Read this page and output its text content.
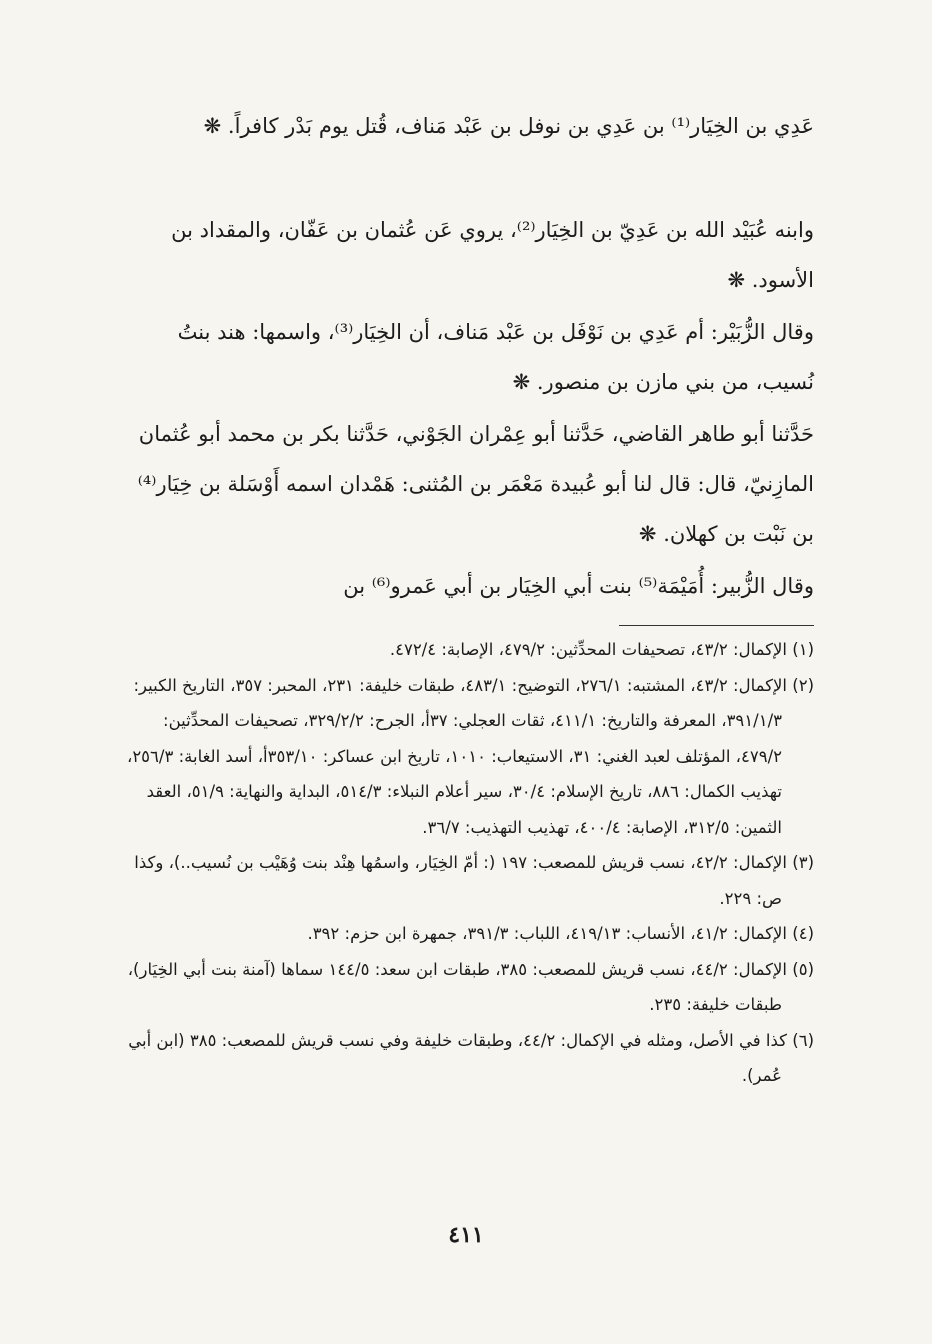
عَدِي بن الخِيَار⁽¹⁾ بن عَدِي بن نوفل بن عَبْد مَناف، قُتل يوم بَدْر كافراً. ❋

وابنه عُبَيْد الله بن عَدِيّ بن الخِيَار⁽²⁾، يروي عَن عُثمان بن عَفّان، والمقداد بن الأسود. ❋

وقال الزُّبَيْر: أم عَدِي بن نَوْفَل بن عَبْد مَناف، أن الخِيَار⁽³⁾، واسمها: هند بنتُ نُسيب، من بني مازن بن منصور. ❋

حَدَّثنا أبو طاهر القاضي، حَدَّثنا أبو عِمْران الجَوْني، حَدَّثنا بكر بن محمد أبو عُثمان المازِنيّ، قال: قال لنا أبو عُبيدة مَعْمَر بن المُثنى: هَمْدان اسمه أَوْسَلة بن خِيَار⁽⁴⁾ بن نَبْت بن كهلان. ❋

وقال الزُّبير: أُمَيْمَة⁽⁵⁾ بنت أبي الخِيَار بن أبي عَمرو⁽⁶⁾ بن

(١) الإكمال: ٤٣/٢، تصحيفات المحدِّثين: ٤٧٩/٢، الإصابة: ٤٧٢/٤.

(٢) الإكمال: ٤٣/٢، المشتبه: ٢٧٦/١، التوضيح: ٤٨٣/١، طبقات خليفة: ٢٣١، المحبر: ٣٥٧، التاريخ الكبير: ٣٩١/١/٣، المعرفة والتاريخ: ٤١١/١، ثقات العجلي: ٣٧أ، الجرح: ٣٢٩/٢/٢، تصحيفات المحدِّثين: ٤٧٩/٢، المؤتلف لعبد الغني: ٣١، الاستيعاب: ١٠١٠، تاريخ ابن عساكر: ٣٥٣/١٠أ، أسد الغابة: ٢٥٦/٣، تهذيب الكمال: ٨٨٦، تاريخ الإسلام: ٣٠/٤، سير أعلام النبلاء: ٥١٤/٣، البداية والنهاية: ٥١/٩، العقد الثمين: ٣١٢/٥، الإصابة: ٤٠٠/٤، تهذيب التهذيب: ٣٦/٧.

(٣) الإكمال: ٤٢/٢، نسب قريش للمصعب: ١٩٧ (: أمّ الخِيَار، واسمُها هِنْد بنت وُهَيْب بن نُسيب..)، وكذا ص: ٢٢٩.

(٤) الإكمال: ٤١/٢، الأنساب: ٤١٩/١٣، اللباب: ٣٩١/٣، جمهرة ابن حزم: ٣٩٢.

(٥) الإكمال: ٤٤/٢، نسب قريش للمصعب: ٣٨٥، طبقات ابن سعد: ١٤٤/٥ سماها (آمنة بنت أبي الخِيَار)، طبقات خليفة: ٢٣٥.

(٦) كذا في الأصل، ومثله في الإكمال: ٤٤/٢، وطبقات خليفة وفي نسب قريش للمصعب: ٣٨٥ (ابن أبي عُمر).

٤١١
